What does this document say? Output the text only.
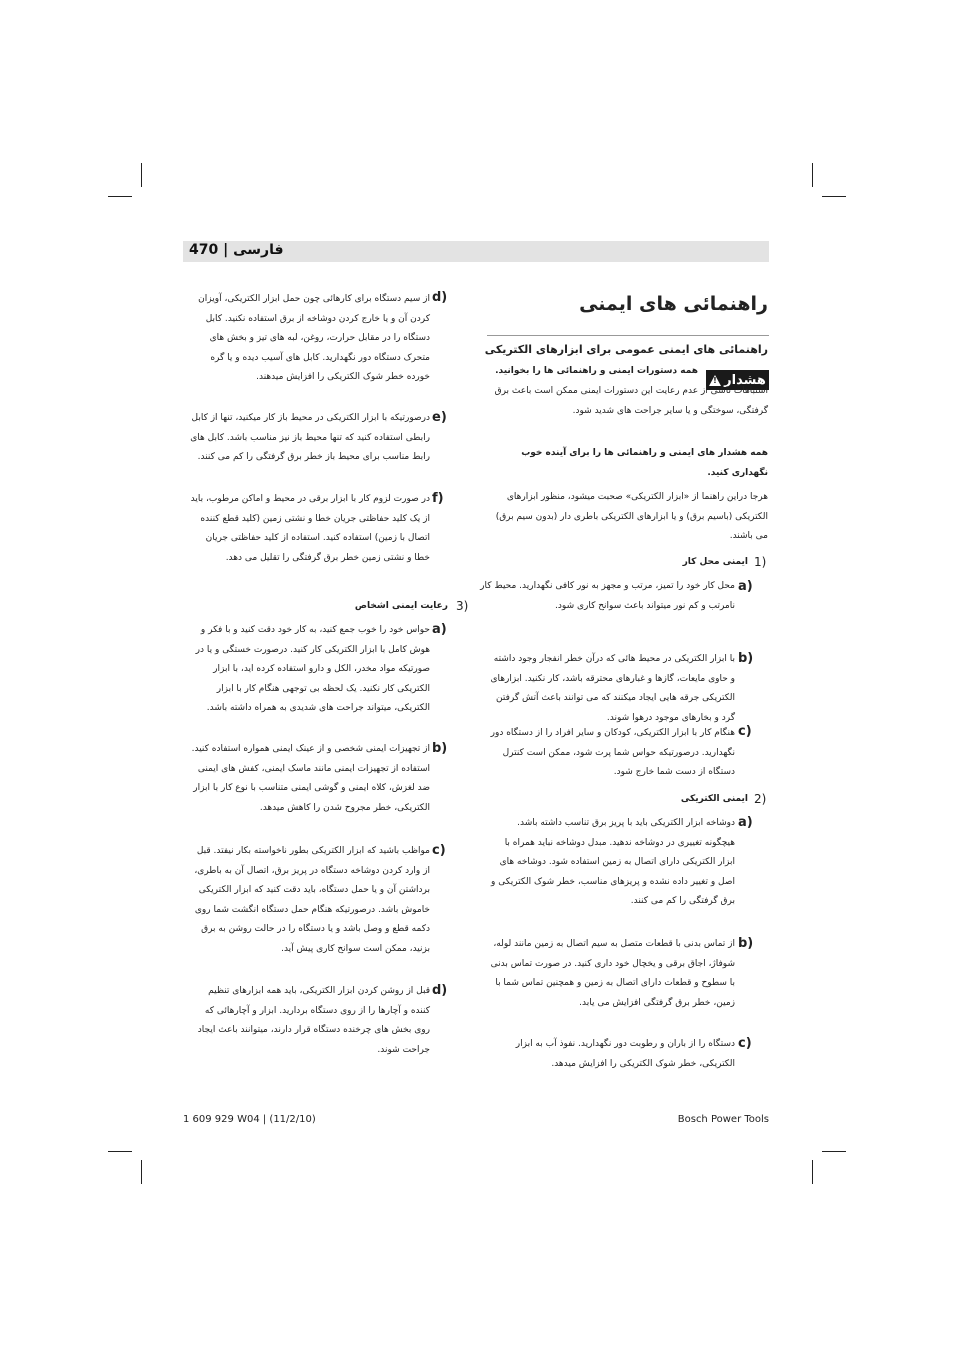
فارسی | 470
راهنمائی های ایمنی
راهنمائی های ایمنی عمومی برای ابزارهای الکتریکی
هشدار
!
همه دستورات ایمنی و راهنمائی ها را بخوانید.
اشتباهات ناشی از عدم رعایت این دستورات ایمنی ممکن است باعث برق گرفتگی، سوختگی و یا سایر جراحت های شدید شود.
همه هشدار های ایمنی و راهنمائی ها را برای آینده خوب نگهداری کنید.
هرجا دراین راهنما از «ابزار الکتریکی» صحبت میشود، منظور ابزارهای الکتریکی (باسیم برق) و یا ابزارهای الکتریکی باطری دار (بدون سیم برق) می باشند.
1)
ایمنی محل کار
a)
محل کار خود را تمیز، مرتب و مجهز به نور کافی نگهدارید. محیط کار نامرتب و کم نور میتواند باعث سوانح کاری شود.
b)
با ابزار الکتریکی در محیط هائی که درآن خطر انفجار وجود داشته و حاوی مایعات، گازها و غبارهای محترقه باشد، کار نکنید. ابزارهای الکتریکی جرقه هایی ایجاد میکنند که می توانند باعث آتش گرفتن گرد و بخارهای موجود درهوا شوند.
c)
هنگام کار با ابزار الکتریکی، کودکان و سایر افراد را از دستگاه دور نگهدارید. درصورتیکه حواس شما پرت شود، ممکن است کنترل دستگاه از دست شما خارج شود.
2)
ایمنی الکتریکی
a)
دوشاخه ابزار الکتریکی باید با پریز برق تناسب داشته باشد. هیچگونه تغییری در دوشاخه ندهید. مبدل دوشاخه نباید همراه با ابزار الکتریکی دارای اتصال به زمین استفاده شود. دوشاخه های اصل و تغییر داده نشده و پریزهای مناسب، خطر شوک الکتریکی و برق گرفتگی را کم می کنند.
b)
از تماس بدنی با قطعات متصل به سیم اتصال به زمین مانند لوله، شوفاژ، اجاق برقی و یخچال خود داری کنید. در صورت تماس بدنی با سطوح و قطعات دارای اتصال به زمین و همچنین تماس شما با زمین، خطر برق گرفتگی افزایش می یابد.
c)
دستگاه را از باران و رطوبت دور نگهدارید. نفوذ آب به ابزار الکتریکی، خطر شوک الکتریکی را افزایش میدهد.
d)
از سیم دستگاه برای کارهائی چون حمل ابزار الکتریکی، آویزان کردن آن و یا خارج کردن دوشاخه از برق استفاده نکنید. کابل دستگاه را در مقابل حرارت، روغن، لبه های تیز و بخش های متحرک دستگاه دور نگهدارید. کابل های آسیب دیده و یا گره خورده خطر شوک الکتریکی را افزایش میدهند.
e)
درصورتیکه با ابزار الکتریکی در محیط باز کار میکنید، تنها از کابل رابطی استفاده کنید که تنها محیط باز نیز مناسب باشد. کابل های رابط مناسب برای محیط باز خطر برق گرفتگی را کم می کنند.
f)
در صورت لزوم کار با ابزار برقی در محیط و اماکن مرطوب، باید از یک کلید حفاظتی جریان خطا و نشتی زمین (کلید قطع کننده اتصال با زمین) استفاده کنید. استفاده از کلید حفاظتی جریان خطا و نشتی زمین خطر برق گرفتگی را تقلیل می دهد.
3)
رعایت ایمنی اشخاص
a)
حواس خود را خوب جمع کنید، به کار خود دقت کنید و با فکر و هوش کامل با ابزار الکتریکی کار کنید. درصورت خستگی و یا در صورتیکه مواد مخدر، الکل و دارو استفاده کرده اید، با ابزار الکتریکی کار نکنید. یک لحظه بی توجهی هنگام کار با ابزار الکتریکی، میتواند جراحت های شدیدی به همراه داشته باشد.
b)
از تجهیزات ایمنی شخصی و از عینک ایمنی همواره استفاده کنید. استفاده از تجهیزات ایمنی مانند ماسک ایمنی، کفش های ایمنی ضد لغزش، کلاه ایمنی و گوشی ایمنی متناسب با نوع کار با ابزار الکتریکی، خطر مجروح شدن را کاهش میدهد.
c)
مواظب باشید که ابزار الکتریکی بطور ناخواسته بکار نیفتد. قبل از وارد کردن دوشاخه دستگاه در پریز برق، اتصال آن به باطری، برداشتن آن و یا حمل دستگاه، باید دقت کنید که ابزار الکتریکی خاموش باشد. درصورتیکه هنگام حمل دستگاه انگشت شما روی دکمه قطع و وصل باشد و یا دستگاه را در حالت روشن به برق بزنید، ممکن است سوانح کاری پیش آید.
d)
قبل از روشن کردن ابزار الکتریکی، باید همه ابزارهای تنظیم کننده و آچارها را از روی دستگاه بردارید. ابزار و آچارهائی که روی بخش های چرخنده دستگاه قرار دارند، میتوانند باعث ایجاد جراحت شوند.
1 609 929 W04 | (11/2/10)	Bosch Power Tools
